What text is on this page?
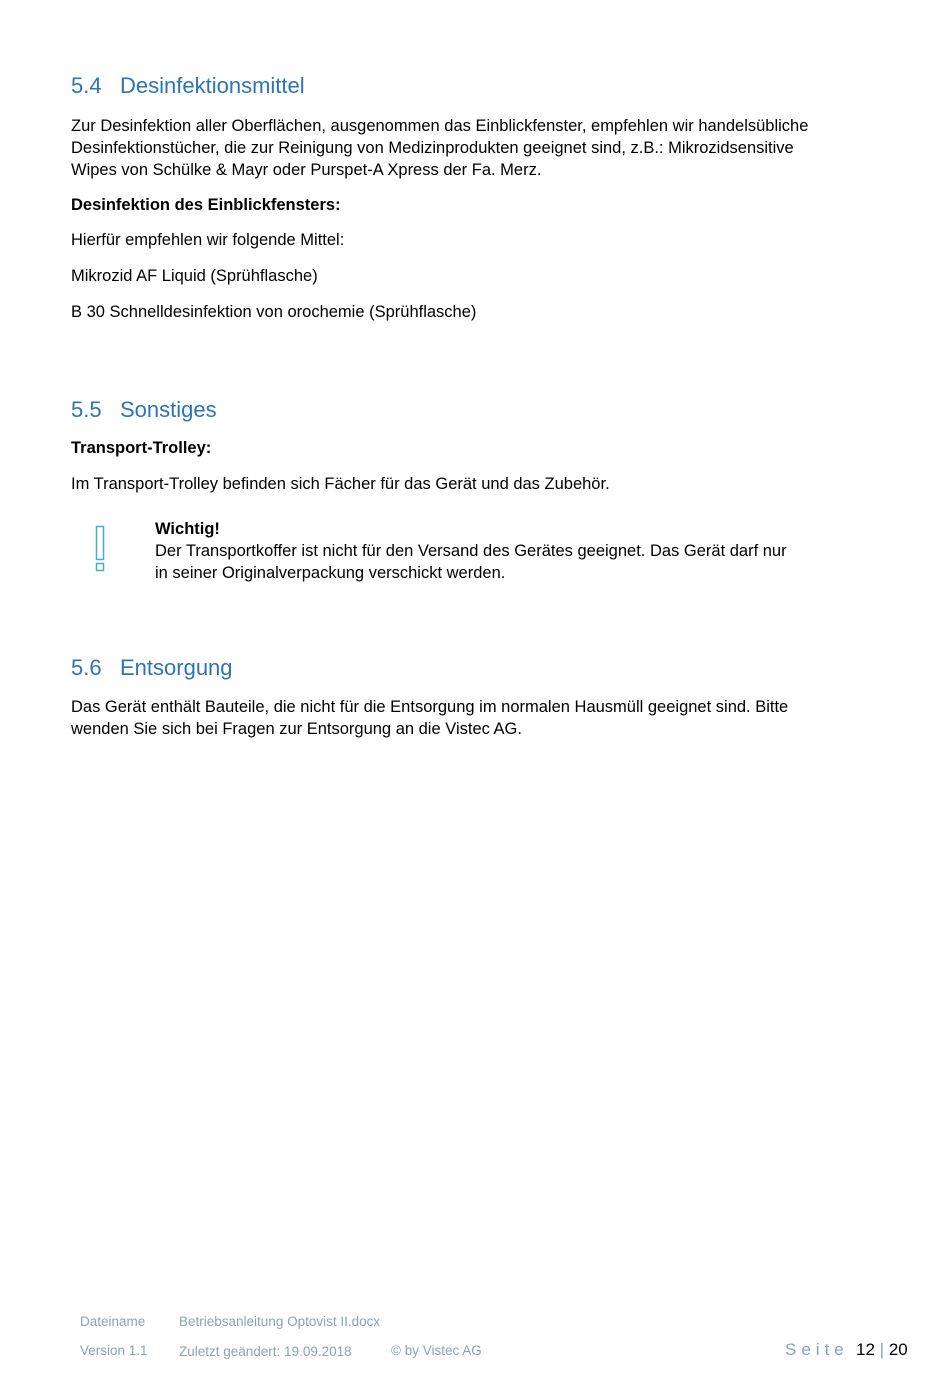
5.4 Desinfektionsmittel
Zur Desinfektion aller Oberflächen, ausgenommen das Einblickfenster, empfehlen wir handelsübliche
Desinfektionstücher, die zur Reinigung von Medizinprodukten geeignet sind, z.B.: Mikrozidsensitive
Wipes von Schülke & Mayr oder Purspet-A Xpress der Fa. Merz.
Desinfektion des Einblickfensters:
Hierfür empfehlen wir folgende Mittel:
Mikrozid AF Liquid (Sprühflasche)
B 30 Schnelldesinfektion von orochemie (Sprühflasche)
5.5 Sonstiges
Transport-Trolley:
Im Transport-Trolley befinden sich Fächer für das Gerät und das Zubehör.
Wichtig!
Der Transportkoffer ist nicht für den Versand des Gerätes geeignet. Das Gerät darf nur
in seiner Originalverpackung verschickt werden.
5.6 Entsorgung
Das Gerät enthält Bauteile, die nicht für die Entsorgung im normalen Hausmüll geeignet sind. Bitte
wenden Sie sich bei Fragen zur Entsorgung an die Vistec AG.
Dateiname Betriebsanleitung Optovist II.docx
Version 1.1 Zuletzt geändert: 19.09.2018	© by Vistec AG	Seite 12 | 20
